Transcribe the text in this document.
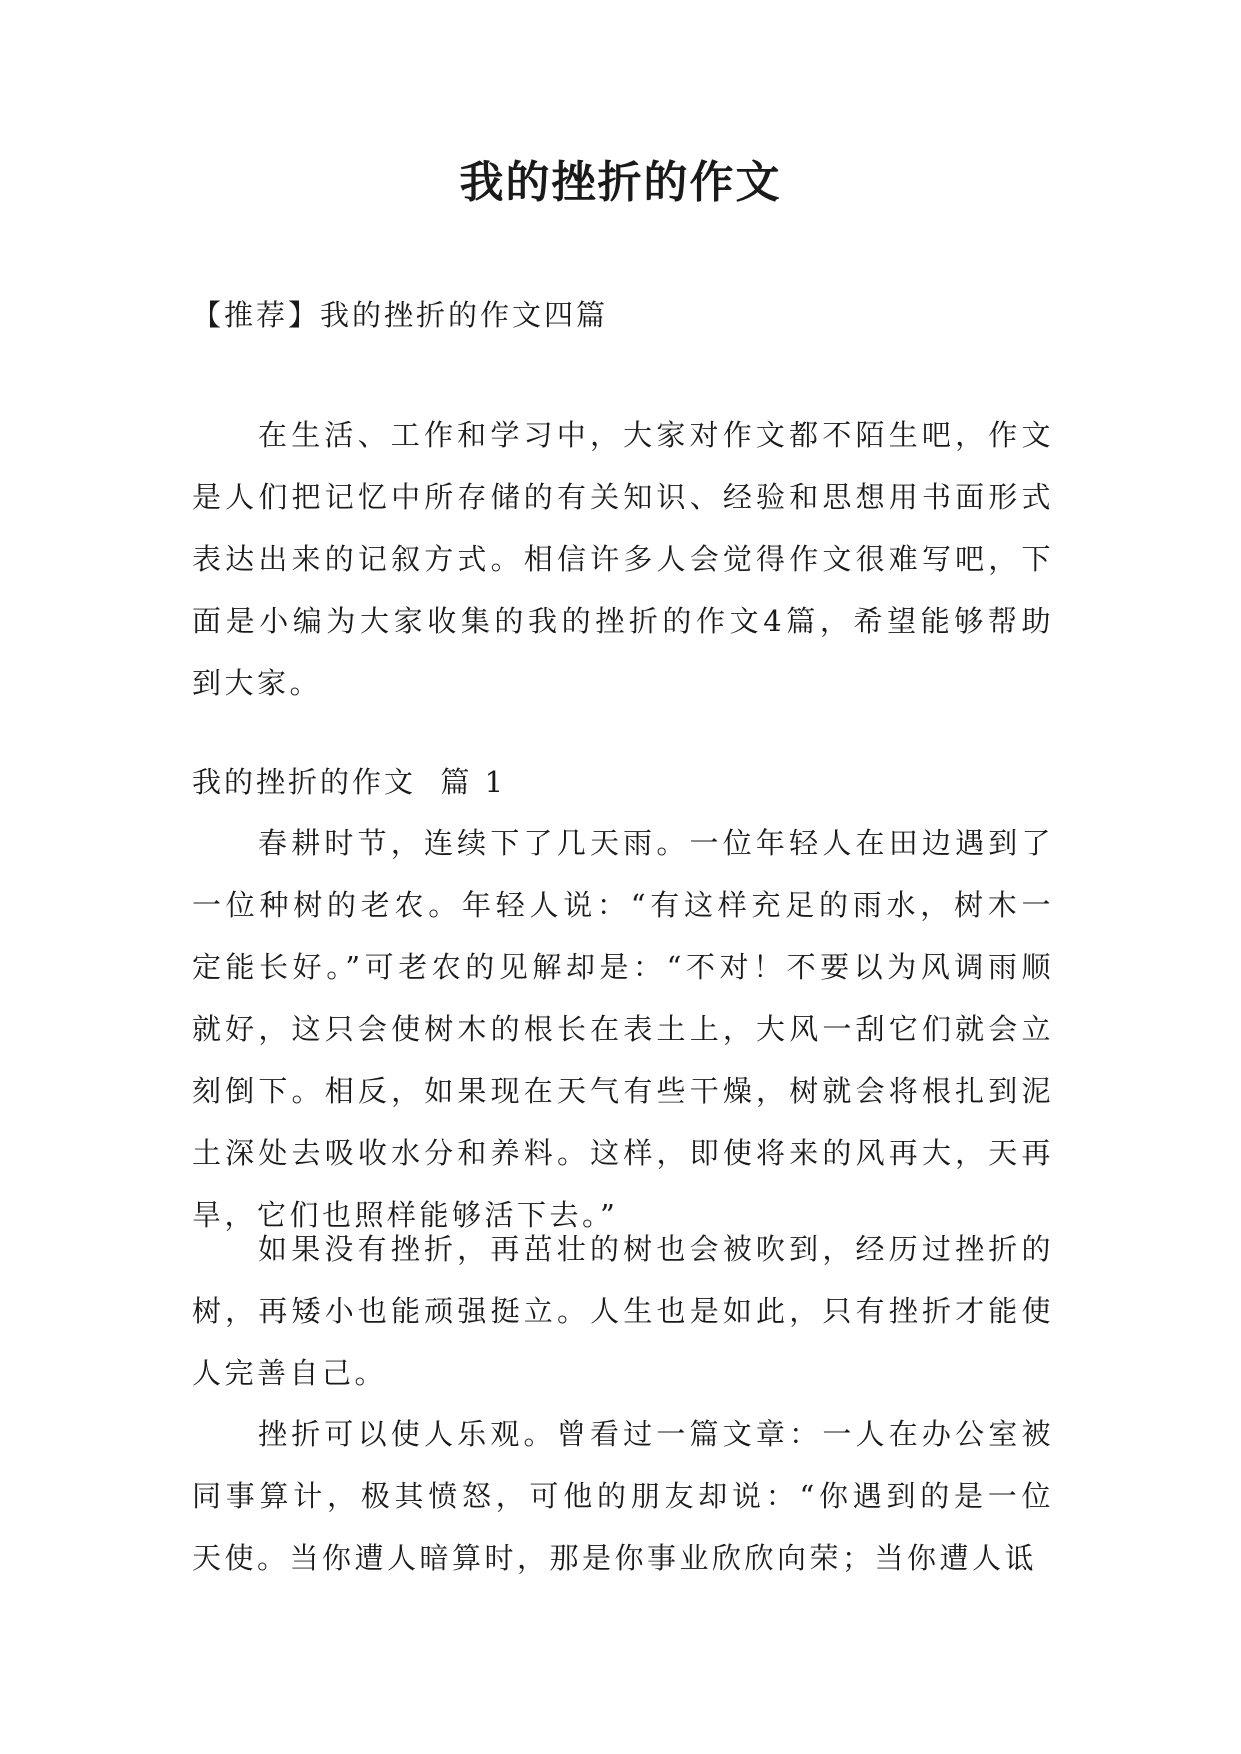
我的挫折的作文

【推荐】我的挫折的作文四篇

在生活、工作和学习中，大家对作文都不陌生吧，作文是人们把记忆中所存储的有关知识、经验和思想用书面形式表达出来的记叙方式。相信许多人会觉得作文很难写吧，下面是小编为大家收集的我的挫折的作文4篇，希望能够帮助到大家。

我的挫折的作文  篇 1

春耕时节，连续下了几天雨。一位年轻人在田边遇到了一位种树的老农。年轻人说：“有这样充足的雨水，树木一定能长好。”可老农的见解却是：“不对！不要以为风调雨顺就好，这只会使树木的根长在表土上，大风一刮它们就会立刻倒下。相反，如果现在天气有些干燥，树就会将根扎到泥土深处去吸收水分和养料。这样，即使将来的风再大，天再旱，它们也照样能够活下去。”

如果没有挫折，再茁壮的树也会被吹到，经历过挫折的树，再矮小也能顽强挺立。人生也是如此，只有挫折才能使人完善自己。

挫折可以使人乐观。曾看过一篇文章：一人在办公室被同事算计，极其愤怒，可他的朋友却说：“你遇到的是一位天使。当你遭人暗算时，那是你事业欣欣向荣；当你遭人诋
